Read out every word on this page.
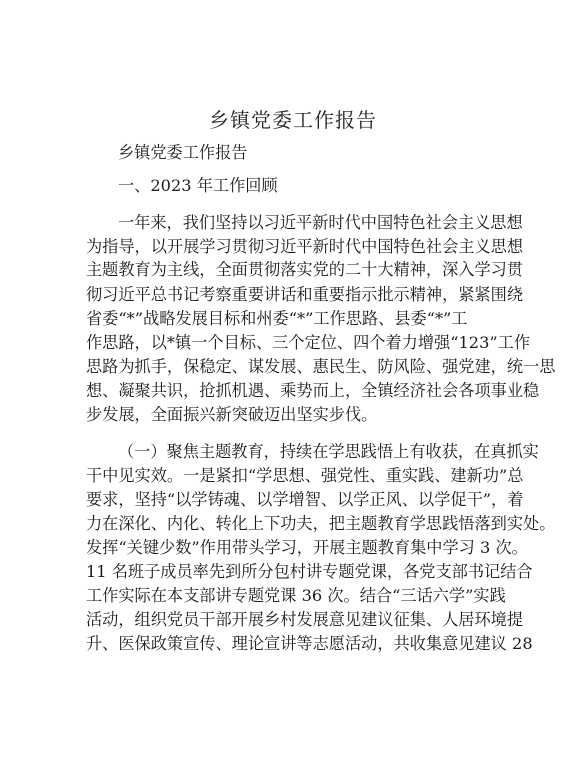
乡镇党委工作报告

乡镇党委工作报告

一、2023 年工作回顾

一年来，我们坚持以习近平新时代中国特色社会主义思想

为指导，以开展学习贯彻习近平新时代中国特色社会主义思想

主题教育为主线，全面贯彻落实党的二十大精神，深入学习贯

彻习近平总书记考察重要讲话和重要指示批示精神，紧紧围绕

省委“*”战略发展目标和州委“*”工作思路、县委“*”工

作思路，以*镇一个目标、三个定位、四个着力增强“123”工作

思路为抓手，保稳定、谋发展、惠民生、防风险、强党建，统一思

想、凝聚共识，抢抓机遇、乘势而上，全镇经济社会各项事业稳

步发展，全面振兴新突破迈出坚实步伐。

（一）聚焦主题教育，持续在学思践悟上有收获，在真抓实

干中见实效。一是紧扣“学思想、强党性、重实践、建新功”总

要求，坚持“以学铸魂、以学增智、以学正风、以学促干”，着

力在深化、内化、转化上下功夫，把主题教育学思践悟落到实处。

发挥“关键少数”作用带头学习，开展主题教育集中学习 3 次。

11 名班子成员率先到所分包村讲专题党课，各党支部书记结合

工作实际在本支部讲专题党课 36 次。结合“三话六学”实践

活动，组织党员干部开展乡村发展意见建议征集、人居环境提

升、医保政策宣传、理论宣讲等志愿活动，共收集意见建议 28
